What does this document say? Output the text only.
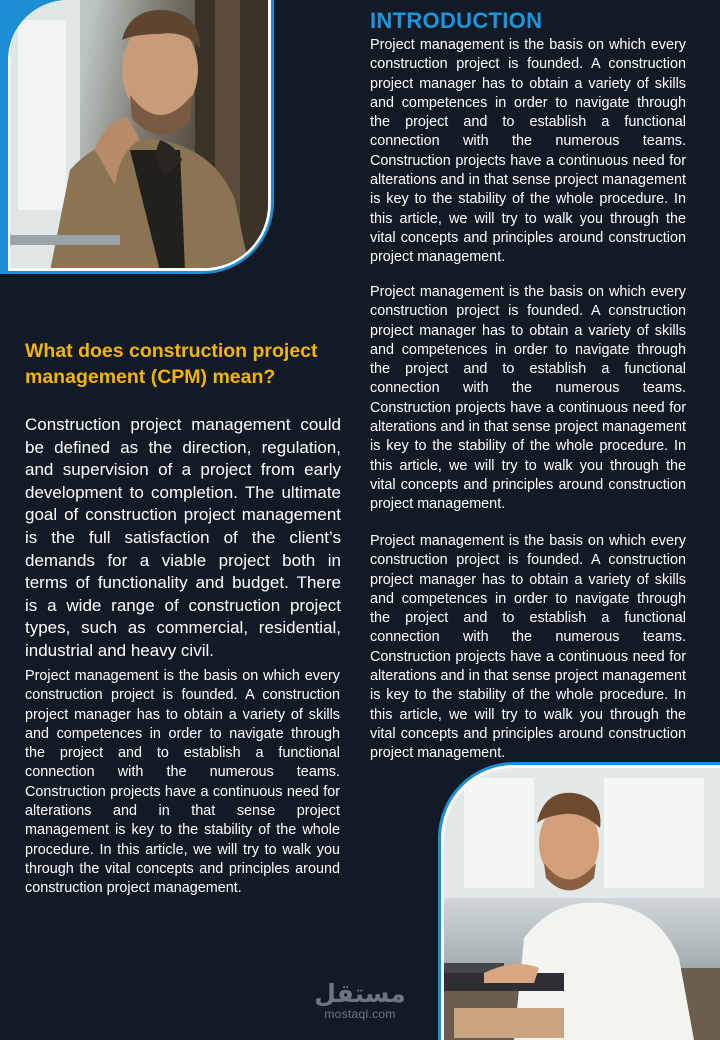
INTRODUCTION

Project management is the basis on which every construction project is founded. A construction project manager has to obtain a variety of skills and competences in order to navigate through the project and to establish a functional connection with the numerous teams. Construction projects have a continuous need for alterations and in that sense project management is key to the stability of the whole procedure. In this article, we will try to walk you through the vital concepts and principles around construction project management.

Project management is the basis on which every construction project is founded. A construction project manager has to obtain a variety of skills and competences in order to navigate through the project and to establish a functional connection with the numerous teams. Construction projects have a continuous need for alterations and in that sense project management is key to the stability of the whole procedure. In this article, we will try to walk you through the vital concepts and principles around construction project management.

Project management is the basis on which every construction project is founded. A construction project manager has to obtain a variety of skills and competences in order to navigate through the project and to establish a functional connection with the numerous teams. Construction projects have a continuous need for alterations and in that sense project management is key to the stability of the whole procedure. In this article, we will try to walk you through the vital concepts and principles around construction project management.

What does construction project management (CPM) mean?

Construction project management could be defined as the direction, regulation, and supervision of a project from early development to completion. The ultimate goal of construction project management is the full satisfaction of the client’s demands for a viable project both in terms of functionality and budget. There is a wide range of construction project types, such as commercial, residential, industrial and heavy civil.

Project management is the basis on which every construction project is founded. A construction project manager has to obtain a variety of skills and competences in order to navigate through the project and to establish a functional connection with the numerous teams. Construction projects have a continuous need for alterations and in that sense project management is key to the stability of the whole procedure. In this article, we will try to walk you through the vital concepts and principles around construction project management.

مستقل
mostaql.com
